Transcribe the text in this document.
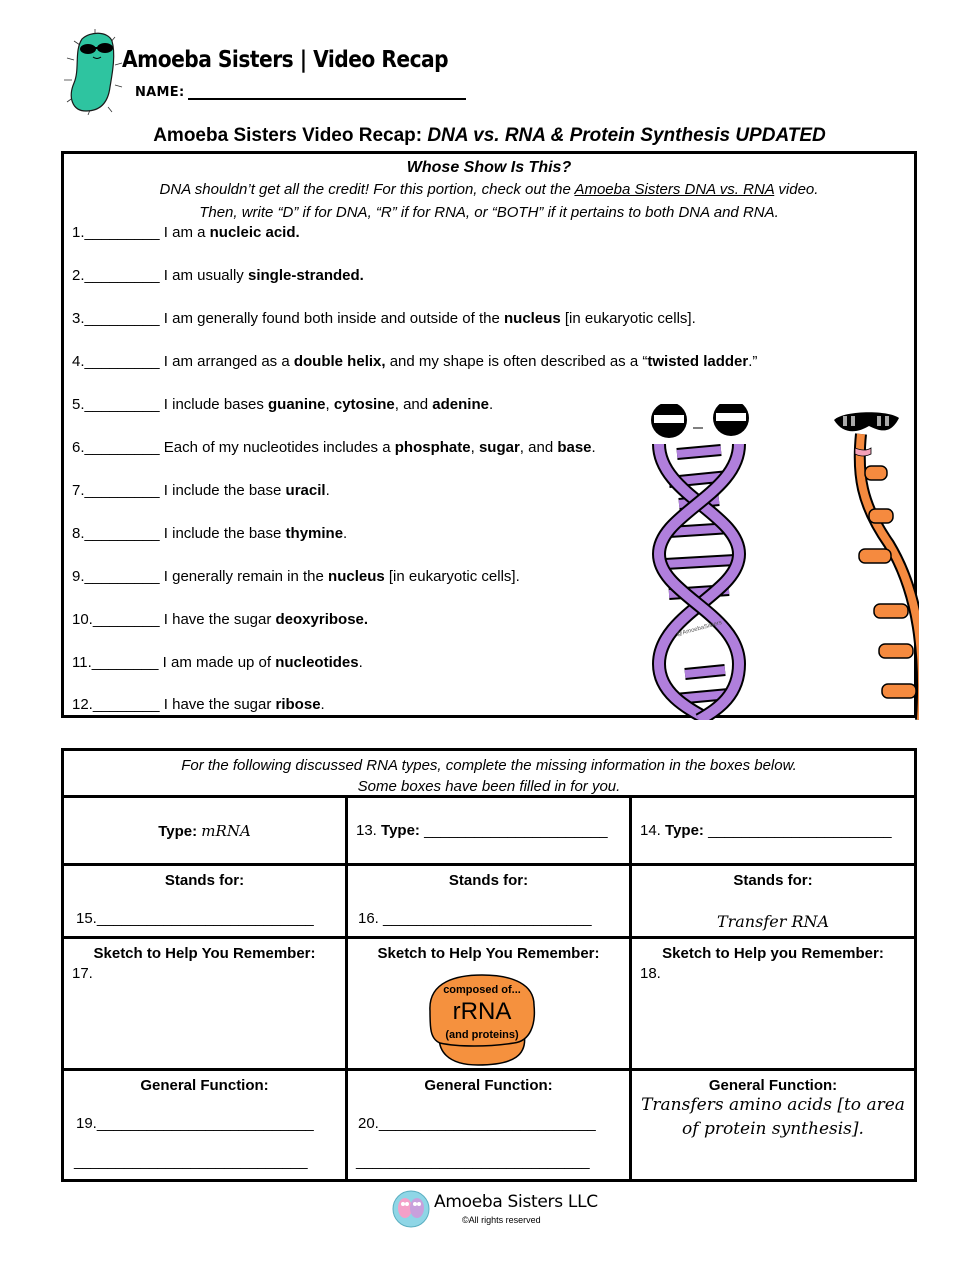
Amoeba Sisters | Video Recap
NAME:
Amoeba Sisters Video Recap: DNA vs. RNA & Protein Synthesis UPDATED
Whose Show Is This?
DNA shouldn’t get all the credit! For this portion, check out the Amoeba Sisters DNA vs. RNA video.
Then, write “D” if for DNA, “R” if for RNA, or “BOTH” if it pertains to both DNA and RNA.
1._________ I am a nucleic acid.
2._________ I am usually single-stranded.
3._________ I am generally found both inside and outside of the nucleus [in eukaryotic cells].
4._________ I am arranged as a double helix, and my shape is often described as a “twisted ladder.”
5._________ I include bases guanine, cytosine, and adenine.
6._________ Each of my nucleotides includes a phosphate, sugar, and base.
7._________ I include the base uracil.
8._________ I include the base thymine.
9._________ I generally remain in the nucleus [in eukaryotic cells].
10.________ I have the sugar deoxyribose.
11.________ I am made up of nucleotides.
12.________ I have the sugar ribose.
@AmoebaSisters
For the following discussed RNA types, complete the missing information in the boxes below.
Some boxes have been filled in for you.
Type: mRNA	13. Type: ______________________ 14. Type: ______________________
Stands for:
15.__________________________
Stands for:
16. _________________________
Stands for:
Transfer RNA
Sketch to Help You Remember:
17.
Sketch to Help You Remember:
composed of...
rRNA
(and proteins)
Sketch to Help you Remember:
18.
General Function:
19.__________________________
____________________________
General Function:
20.__________________________
____________________________
General Function:
Transfers amino acids [to area
of protein synthesis].
Amoeba Sisters LLC
©All rights reserved
